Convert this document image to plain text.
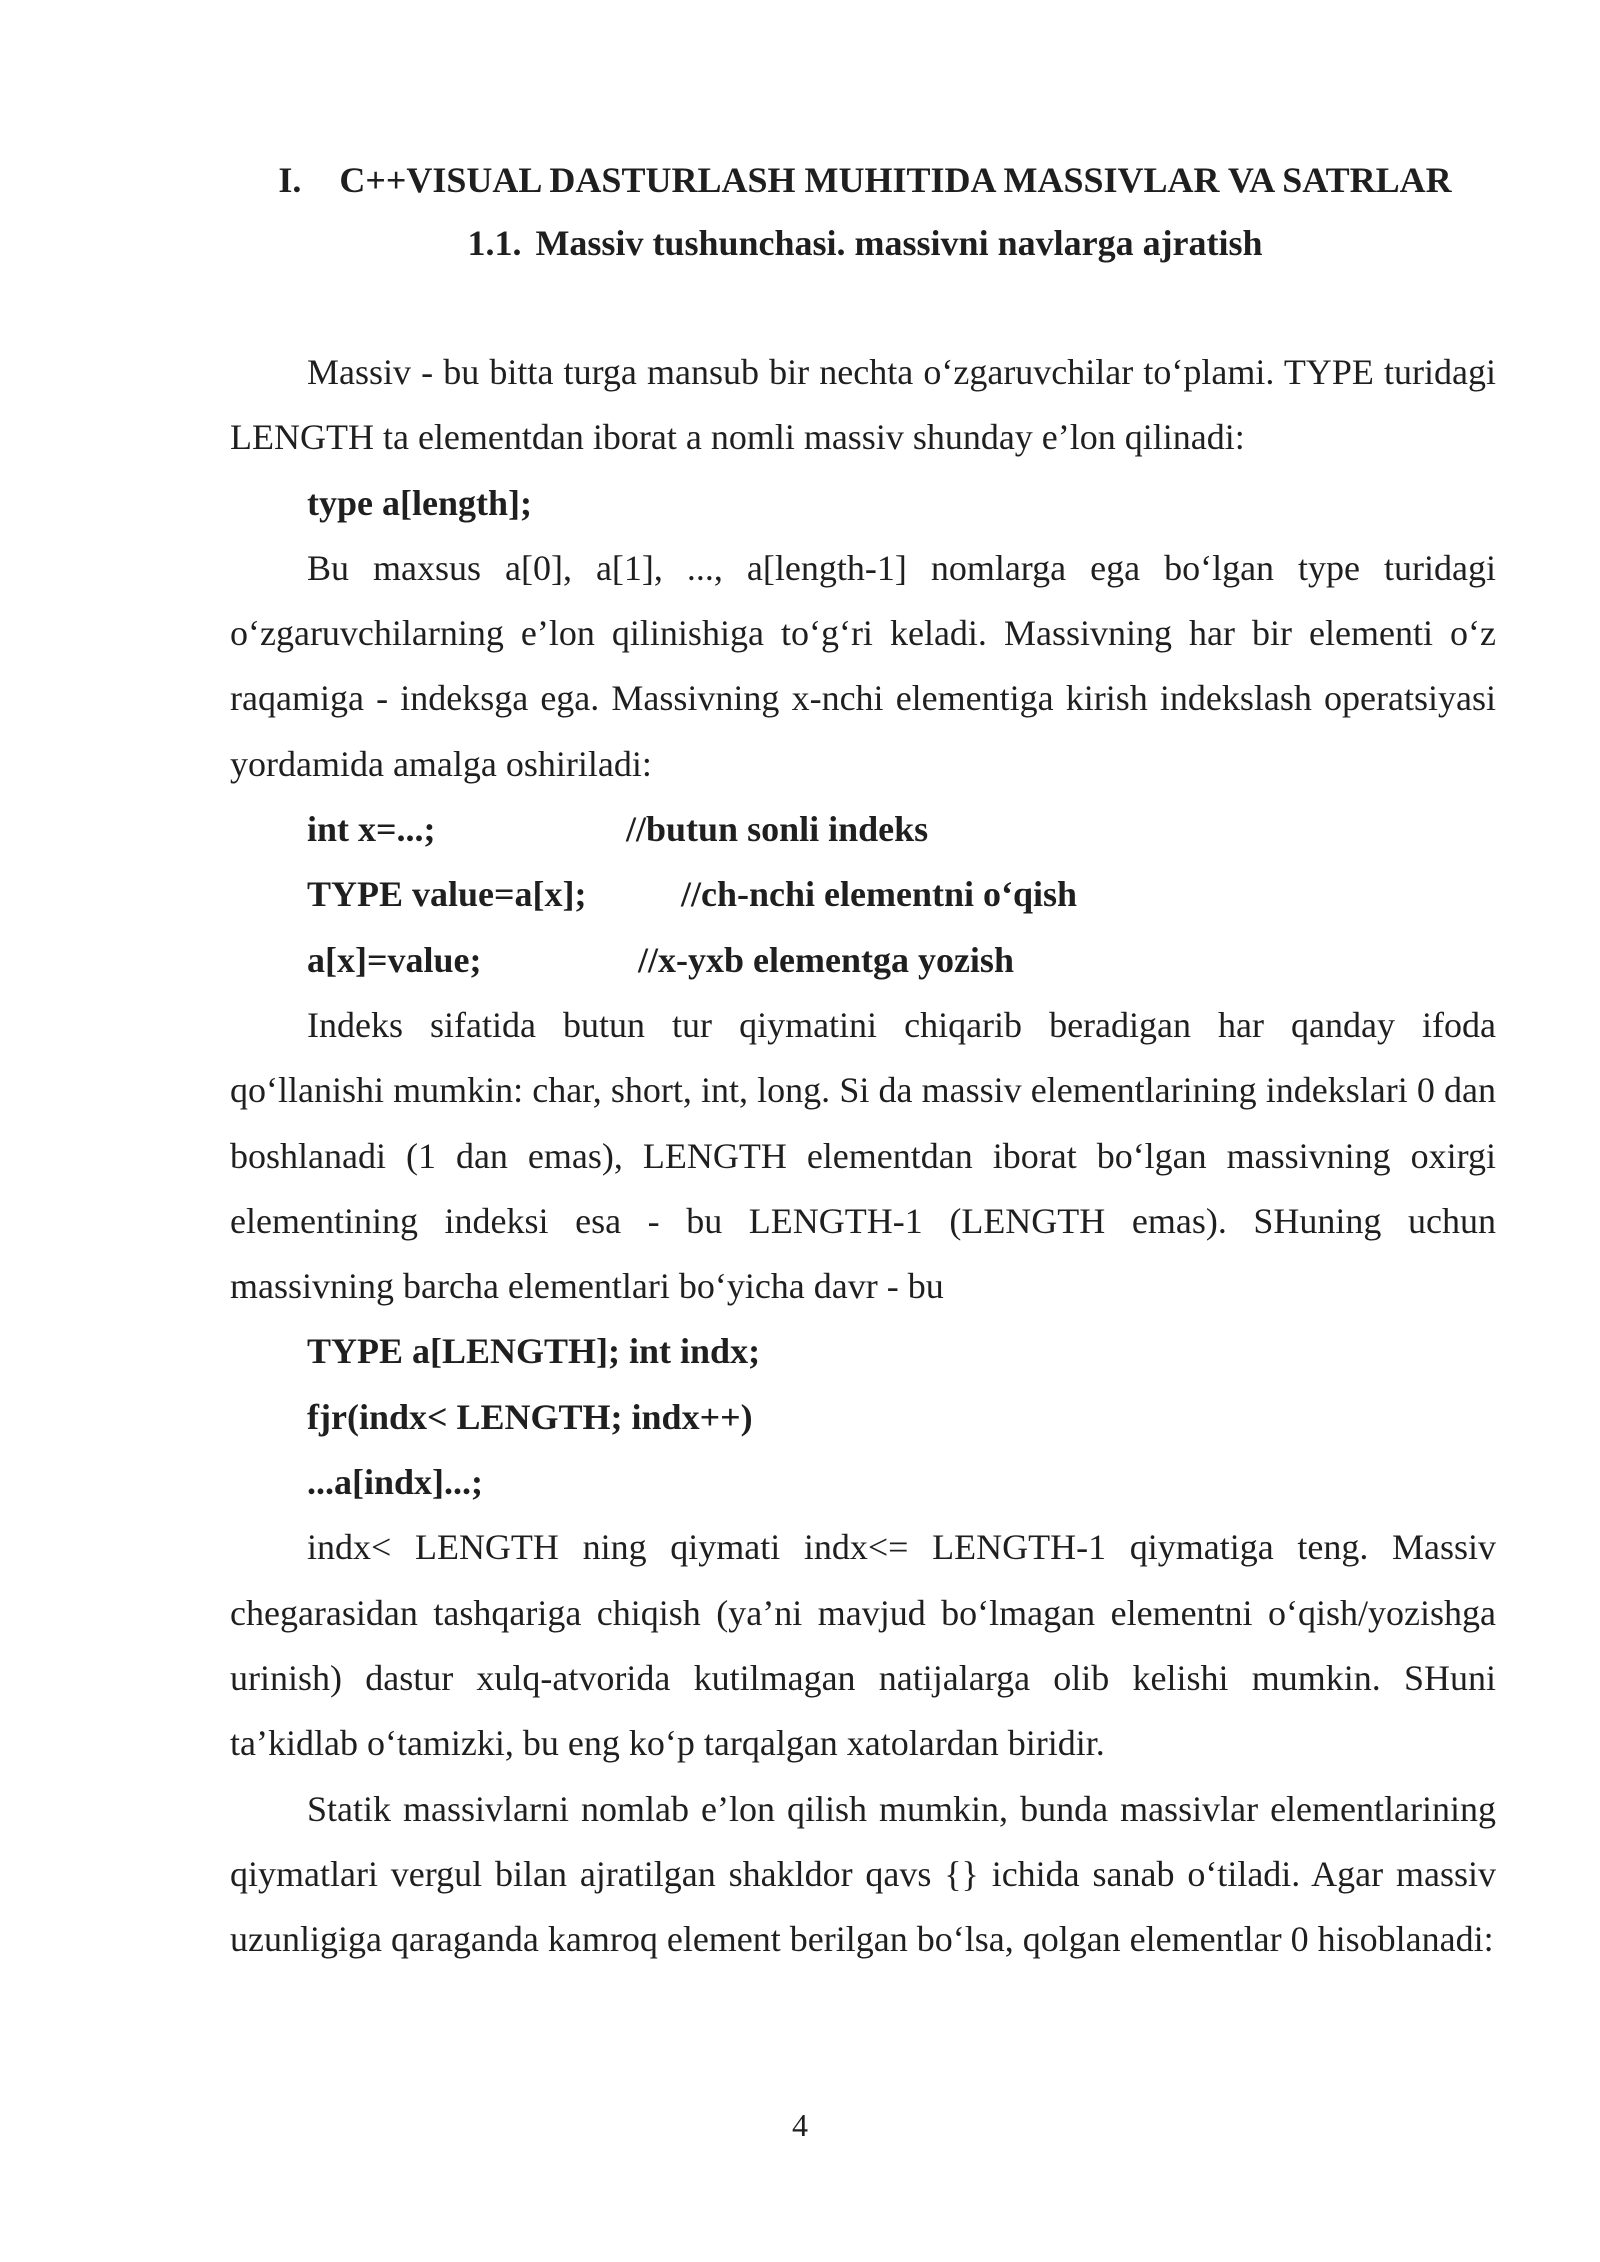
I. C++VISUAL DASTURLASH MUHITIDA MASSIVLAR VA SATRLAR
1.1. Massiv tushunchasi. massivni navlarga ajratish

Massiv - bu bitta turga mansub bir nechta o‘zgaruvchilar to‘plami. TYPE turidagi LENGTH ta elementdan iborat a nomli massiv shunday e’lon qilinadi:

type a[length];

Bu maxsus a[0], a[1], ..., a[length-1] nomlarga ega bo‘lgan type turidagi o‘zgaruvchilarning e’lon qilinishiga to‘g‘ri keladi. Massivning har bir elementi o‘z raqamiga - indeksga ega. Massivning x-nchi elementiga kirish indekslash operatsiyasi yordamida amalga oshiriladi:

int x=...;	//butun sonli indeks
TYPE value=a[x];	//ch-nchi elementni o‘qish
a[x]=value;	//x-yxb elementga yozish

Indeks sifatida butun tur qiymatini chiqarib beradigan har qanday ifoda qo‘llanishi mumkin: char, short, int, long. Si da massiv elementlarining indekslari 0 dan boshlanadi (1 dan emas), LENGTH elementdan iborat bo‘lgan massivning oxirgi elementining indeksi esa - bu LENGTH-1 (LENGTH emas). SHuning uchun massivning barcha elementlari bo‘yicha davr - bu

TYPE a[LENGTH]; int indx;

fjr(indx< LENGTH; indx++)

...a[indx]...;

indx< LENGTH ning qiymati indx<= LENGTH-1 qiymatiga teng. Massiv chegarasidan tashqariga chiqish (ya’ni mavjud bo‘lmagan elementni o‘qish/yozishga urinish) dastur xulq-atvorida kutilmagan natijalarga olib kelishi mumkin. SHuni ta’kidlab o‘tamizki, bu eng ko‘p tarqalgan xatolardan biridir.

Statik massivlarni nomlab e’lon qilish mumkin, bunda massivlar elementlarining qiymatlari vergul bilan ajratilgan shakldor qavs {} ichida sanab o‘tiladi. Agar massiv uzunligiga qaraganda kamroq element berilgan bo‘lsa, qolgan elementlar 0 hisoblanadi:

4
